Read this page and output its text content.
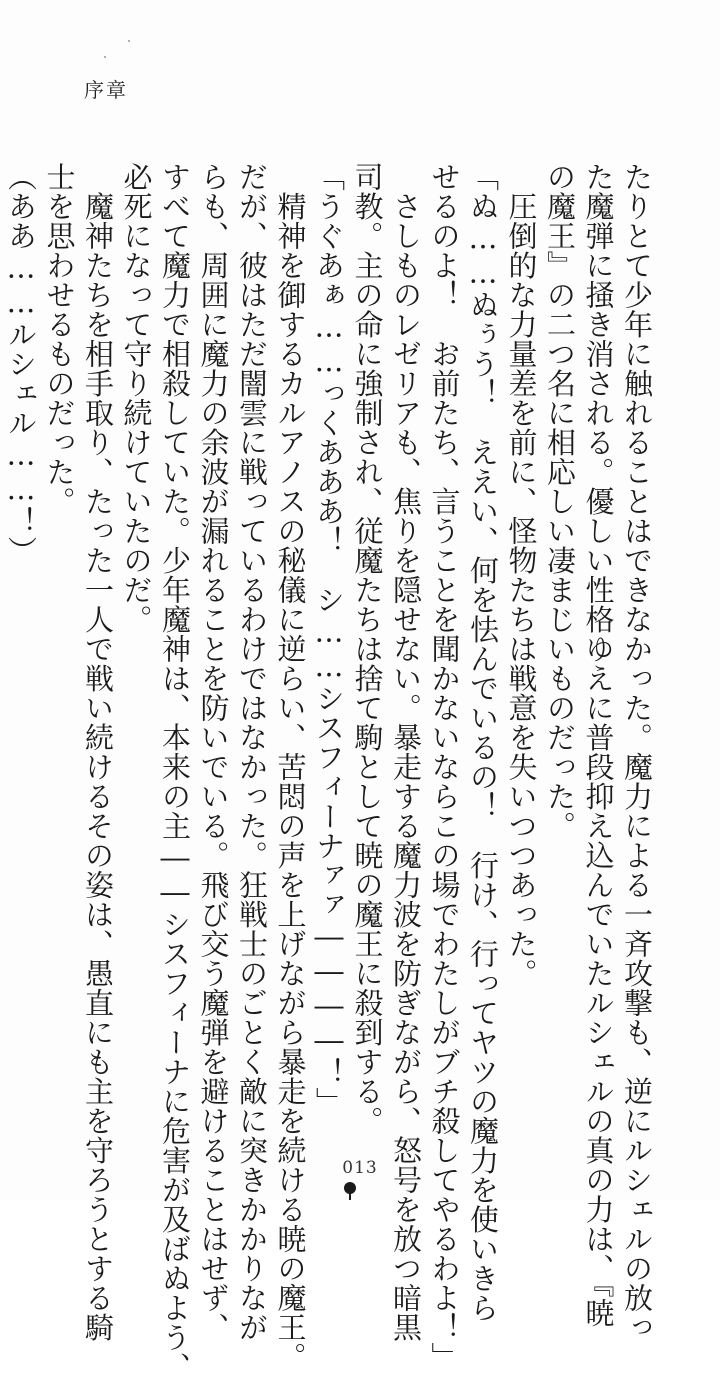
序章
たりとて少年に触れることはできなかった。魔力による一斉攻撃も、逆にルシェルの放っ
た魔弾に掻き消される。優しい性格ゆえに普段抑え込んでいたルシェルの真の力は、『暁
の魔王』の二つ名に相応しい凄まじいものだった。
　圧倒的な力量差を前に、怪物たちは戦意を失いつつあった。
「ぬ……ぬぅう！　ええい、何を怯んでいるの！　行け、行ってヤツの魔力を使いきら
せるのよ！　お前たち、言うことを聞かないならこの場でわたしがブチ殺してやるわよ！」
　さしものレゼリアも、焦りを隠せない。暴走する魔力波を防ぎながら、怒号を放つ暗黒
司教。主の命に強制され、従魔たちは捨て駒として暁の魔王に殺到する。
「うぐあぁ……っくあああ！　シ……シスフィーナァァ――――！」
　精神を御するカルアノスの秘儀に逆らい、苦悶の声を上げながら暴走を続ける暁の魔王。
だが、彼はただ闇雲に戦っているわけではなかった。狂戦士のごとく敵に突きかかりなが
らも、周囲に魔力の余波が漏れることを防いでいる。飛び交う魔弾を避けることはせず、
すべて魔力で相殺していた。少年魔神は、本来の主――シスフィーナに危害が及ばぬよう、
必死になって守り続けていたのだ。
　魔神たちを相手取り、たった一人で戦い続けるその姿は、愚直にも主を守ろうとする騎
士を思わせるものだった。
（ああ……ルシェル……！）
013
